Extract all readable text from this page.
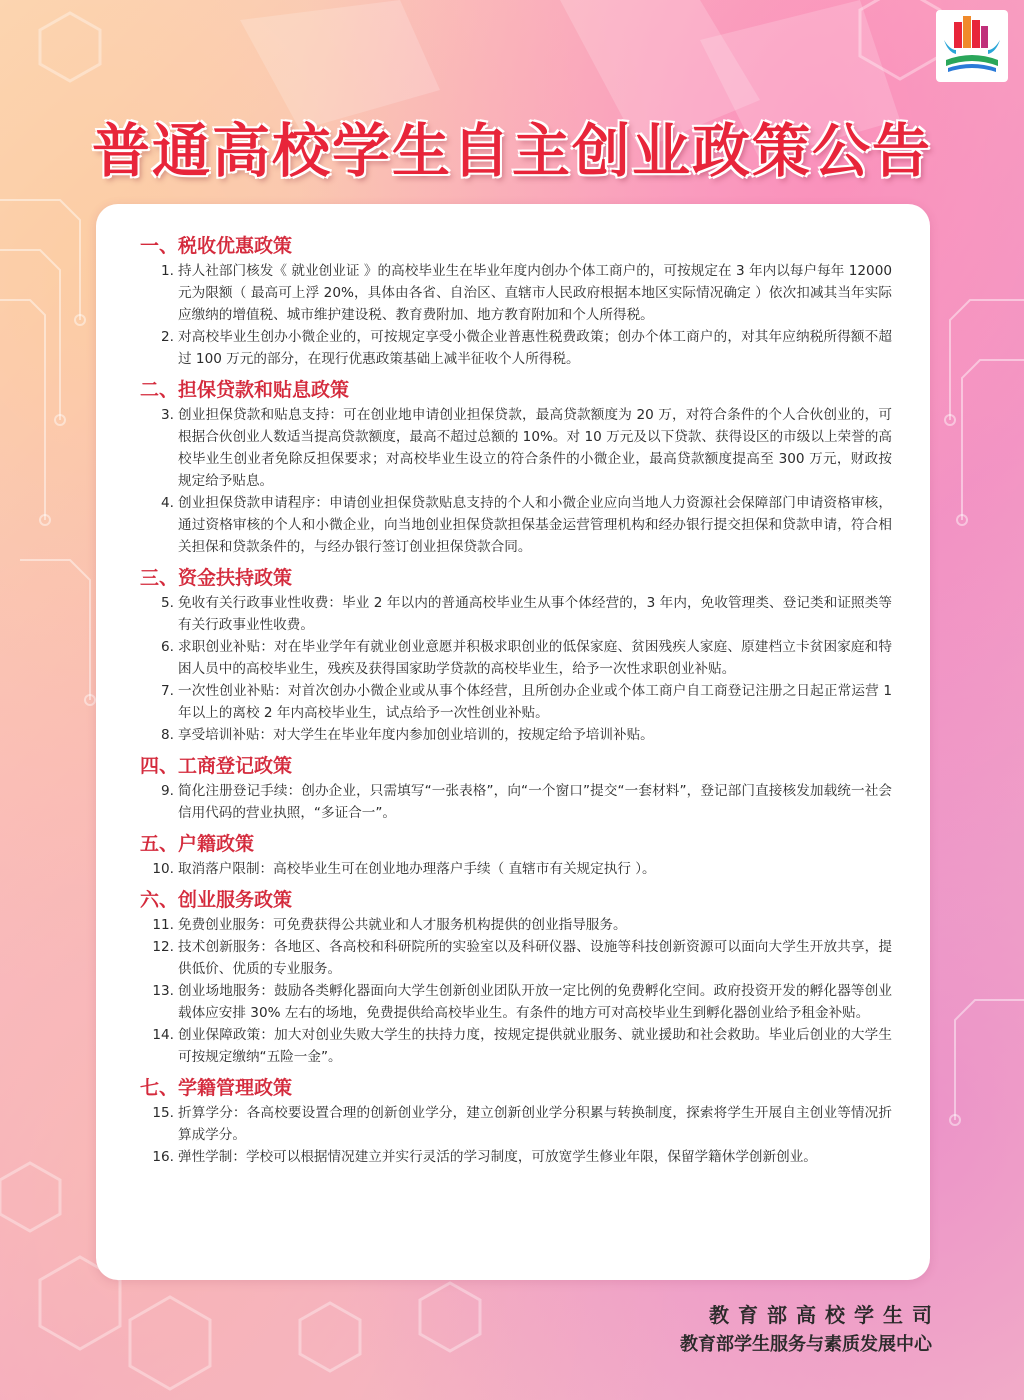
普通高校学生自主创业政策公告
一、税收优惠政策
1. 持人社部门核发《 就业创业证 》的高校毕业生在毕业年度内创办个体工商户的，可按规定在 3 年内以每户每年 12000 元为限额（ 最高可上浮 20%，具体由各省、自治区、直辖市人民政府根据本地区实际情况确定 ）依次扣减其当年实际应缴纳的增值税、城市维护建设税、教育费附加、地方教育附加和个人所得税。
2. 对高校毕业生创办小微企业的，可按规定享受小微企业普惠性税费政策；创办个体工商户的，对其年应纳税所得额不超过 100 万元的部分，在现行优惠政策基础上减半征收个人所得税。
二、担保贷款和贴息政策
3. 创业担保贷款和贴息支持：可在创业地申请创业担保贷款，最高贷款额度为 20 万，对符合条件的个人合伙创业的，可根据合伙创业人数适当提高贷款额度，最高不超过总额的 10%。对 10 万元及以下贷款、获得设区的市级以上荣誉的高校毕业生创业者免除反担保要求；对高校毕业生设立的符合条件的小微企业，最高贷款额度提高至 300 万元，财政按规定给予贴息。
4. 创业担保贷款申请程序：申请创业担保贷款贴息支持的个人和小微企业应向当地人力资源社会保障部门申请资格审核，通过资格审核的个人和小微企业，向当地创业担保贷款担保基金运营管理机构和经办银行提交担保和贷款申请，符合相关担保和贷款条件的，与经办银行签订创业担保贷款合同。
三、资金扶持政策
5. 免收有关行政事业性收费：毕业 2 年以内的普通高校毕业生从事个体经营的，3 年内，免收管理类、登记类和证照类等有关行政事业性收费。
6. 求职创业补贴：对在毕业学年有就业创业意愿并积极求职创业的低保家庭、贫困残疾人家庭、原建档立卡贫困家庭和特困人员中的高校毕业生，残疾及获得国家助学贷款的高校毕业生，给予一次性求职创业补贴。
7. 一次性创业补贴：对首次创办小微企业或从事个体经营，且所创办企业或个体工商户自工商登记注册之日起正常运营 1 年以上的离校 2 年内高校毕业生，试点给予一次性创业补贴。
8. 享受培训补贴：对大学生在毕业年度内参加创业培训的，按规定给予培训补贴。
四、工商登记政策
9. 简化注册登记手续：创办企业，只需填写“一张表格”，向“一个窗口”提交“一套材料”，登记部门直接核发加载统一社会信用代码的营业执照，“多证合一”。
五、户籍政策
10. 取消落户限制：高校毕业生可在创业地办理落户手续（ 直辖市有关规定执行 ）。
六、创业服务政策
11. 免费创业服务：可免费获得公共就业和人才服务机构提供的创业指导服务。
12. 技术创新服务：各地区、各高校和科研院所的实验室以及科研仪器、设施等科技创新资源可以面向大学生开放共享，提供低价、优质的专业服务。
13. 创业场地服务：鼓励各类孵化器面向大学生创新创业团队开放一定比例的免费孵化空间。政府投资开发的孵化器等创业载体应安排 30% 左右的场地，免费提供给高校毕业生。有条件的地方可对高校毕业生到孵化器创业给予租金补贴。
14. 创业保障政策：加大对创业失败大学生的扶持力度，按规定提供就业服务、就业援助和社会救助。毕业后创业的大学生可按规定缴纳“五险一金”。
七、学籍管理政策
15. 折算学分：各高校要设置合理的创新创业学分，建立创新创业学分积累与转换制度，探索将学生开展自主创业等情况折算成学分。
16. 弹性学制：学校可以根据情况建立并实行灵活的学习制度，可放宽学生修业年限，保留学籍休学创新创业。
教育部高校学生司
教育部学生服务与素质发展中心
